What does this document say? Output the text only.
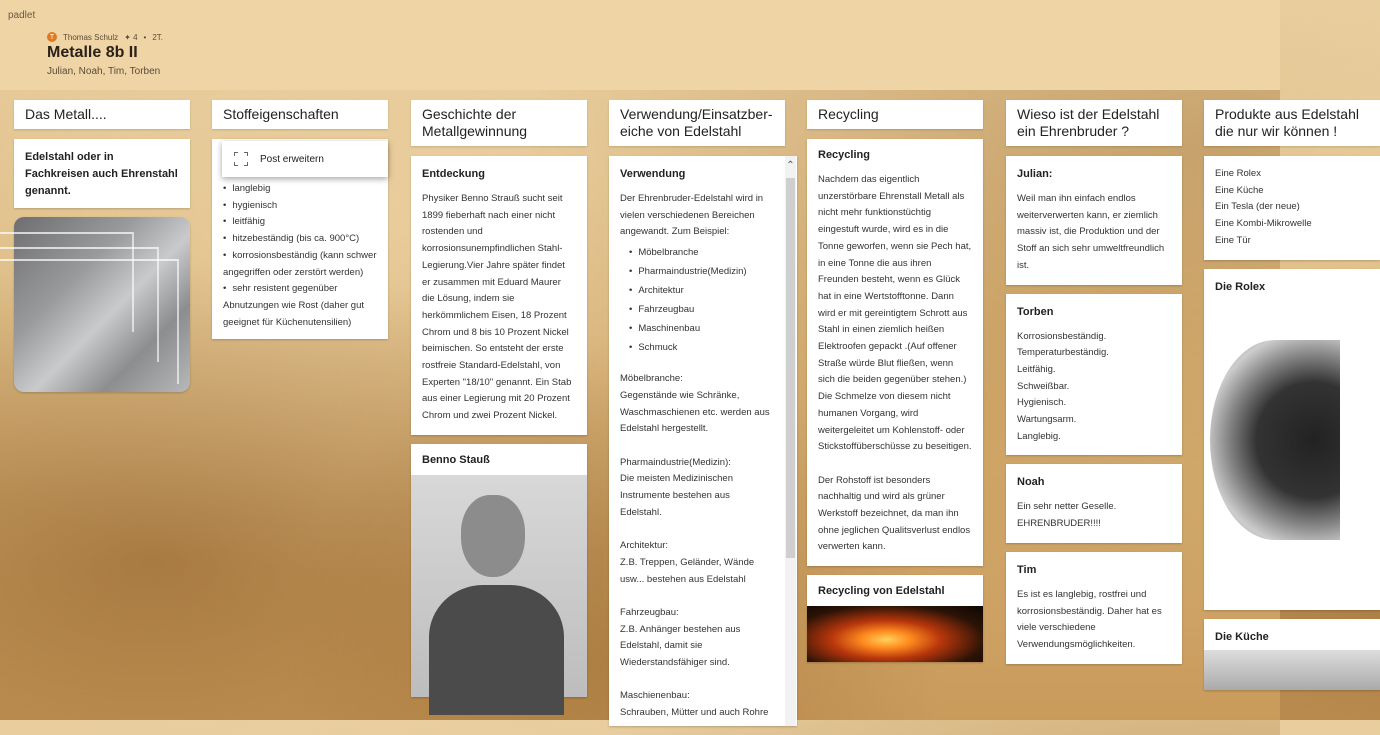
padlet
T	Thomas Schulz ✦ 4 • 2T.
Metalle 8b II
Julian, Noah, Tim, Torben
Das Metall....
Edelstahl oder in Fachkreisen auch Ehrenstahl genannt.
Stoffeigenschaften
• langlebig
• hygienisch
• leitfähig
• hitzebeständig (bis ca. 900°C)
• korrosionsbeständig (kann schwer angegriffen oder zerstört werden)
• sehr resistent gegenüber Abnutzungen wie Rost (daher gut geeignet für Küchenutensilien)
Post erweitern
Geschichte der Metallgewinnung
Entdeckung
Physiker Benno Strauß sucht seit 1899 fieberhaft nach einer nicht rostenden und korrosionsunempfindlichen Stahl-Legierung.Vier Jahre später findet er zusammen mit Eduard Maurer die Lösung, indem sie herkömmlichem Eisen, 18 Prozent Chrom und 8 bis 10 Prozent Nickel beimischen. So entsteht der erste rostfreie Standard-Edelstahl, von Experten "18/10" genannt. Ein Stab aus einer Legierung mit 20 Prozent Chrom und zwei Prozent Nickel.
Benno Stauß
Verwendung/Einsatzber-eiche von Edelstahl
Verwendung
Der Ehrenbruder-Edelstahl wird in vielen verschiedenen Bereichen angewandt. Zum Beispiel:
• Möbelbranche
• Pharmaindustrie(Medizin)
• Architektur
• Fahrzeugbau
• Maschinenbau
• Schmuck
Möbelbranche:
Gegenstände wie Schränke, Waschmaschienen etc. werden aus Edelstahl hergestellt.

Pharmaindustrie(Medizin):
Die meisten Medizinischen Instrumente bestehen aus Edelstahl.

Architektur:
Z.B. Treppen, Geländer, Wände usw... bestehen aus Edelstahl

Fahrzeugbau:
Z.B. Anhänger bestehen aus Edelstahl, damit sie Wiederstandsfähiger sind.

Maschienenbau:
Schrauben, Mütter und auch Rohre
⌃
Recycling
Recycling
Nachdem das eigentlich unzerstörbare Ehrenstall Metall als nicht mehr funktionstüchtig eingestuft wurde, wird es in die Tonne geworfen, wenn sie Pech hat, in eine Tonne die aus ihren Freunden besteht, wenn es Glück hat in eine Wertstofftonne. Dann wird er mit gereintigtem Schrott aus Stahl in einen ziemlich heißen Elektroofen gepackt .(Auf offener Straße würde Blut fließen, wenn sich die beiden gegenüber stehen.) Die Schmelze von diesem nicht humanen Vorgang, wird weitergeleitet um Kohlenstoff- oder Stickstoffüberschüsse zu beseitigen.

Der Rohstoff ist besonders nachhaltig und wird als grüner Werkstoff bezeichnet, da man ihn ohne jeglichen Qualitsverlust endlos verwerten kann.
Recycling von Edelstahl
Wieso ist der Edelstahl ein Ehrenbruder ?
Julian:
Weil man ihn einfach endlos weiterverwerten kann, er ziemlich massiv ist, die Produktion und der Stoff an sich sehr umweltfreundlich ist.
Torben
Korrosionsbeständig.
Temperaturbeständig.
Leitfähig.
Schweißbar.
Hygienisch.
Wartungsarm.
Langlebig.
Noah
Ein sehr netter Geselle.
EHRENBRUDER!!!!
Tim
Es ist es langlebig, rostfrei und korrosionsbeständig. Daher hat es viele verschiedene Verwendungsmöglichkeiten.
Produkte aus Edelstahl die nur wir können !
Eine Rolex
Eine Küche
Ein Tesla (der neue)
Eine Kombi-Mikrowelle
Eine Tür
Die Rolex
Die Küche
